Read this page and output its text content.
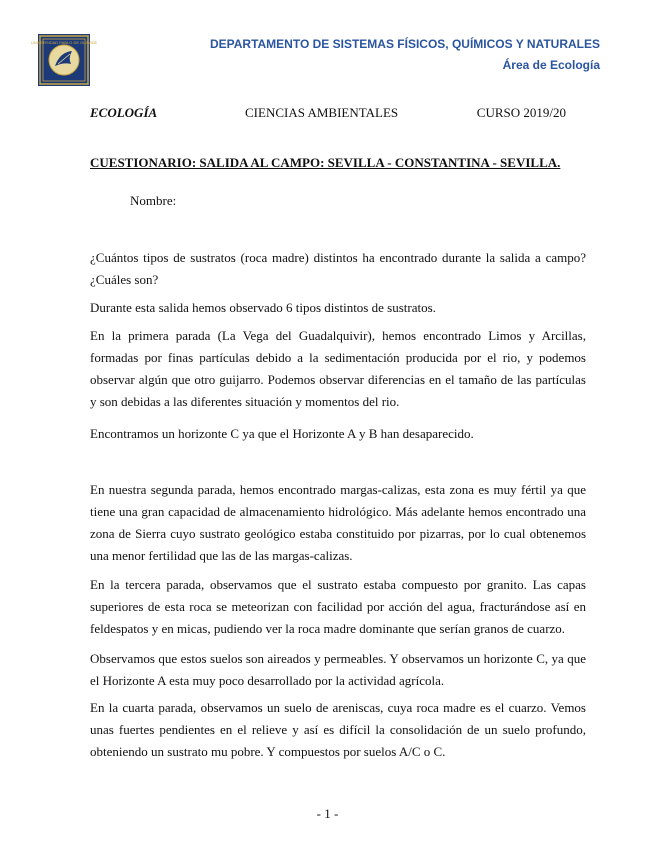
UNIVERSIDAD PABLO DE OLAVIDE	DEPARTAMENTO DE SISTEMAS FÍSICOS, QUÍMICOS Y NATURALES
Área de Ecología
ECOLOGÍA	CIENCIAS AMBIENTALES	CURSO 2019/20
CUESTIONARIO: SALIDA AL CAMPO: SEVILLA - CONSTANTINA - SEVILLA.
Nombre:

¿Cuántos tipos de sustratos (roca madre) distintos ha encontrado durante la salida a campo? ¿Cuáles son?

Durante esta salida hemos observado 6 tipos distintos de sustratos.

En la primera parada (La Vega del Guadalquivir), hemos encontrado Limos y Arcillas, formadas por finas partículas debido a la sedimentación producida por el rio, y podemos observar algún que otro guijarro. Podemos observar diferencias en el tamaño de las partículas y son debidas a las diferentes situación y momentos del rio.

Encontramos un horizonte C ya que el Horizonte A y B han desaparecido.

En nuestra segunda parada, hemos encontrado margas-calizas, esta zona es muy fértil ya que tiene una gran capacidad de almacenamiento hidrológico. Más adelante hemos encontrado una zona de Sierra cuyo sustrato geológico estaba constituido por pizarras, por lo cual obtenemos una menor fertilidad que las de las margas-calizas.

En la tercera parada, observamos que el sustrato estaba compuesto por granito. Las capas superiores de esta roca se meteorizan con facilidad por acción del agua, fracturándose así en feldespatos y en micas, pudiendo ver la roca madre dominante que serían granos de cuarzo.

Observamos que estos suelos son aireados y permeables. Y observamos un horizonte C, ya que el Horizonte A esta muy poco desarrollado por la actividad agrícola.

En la cuarta parada, observamos un suelo de areniscas, cuya roca madre es el cuarzo. Vemos unas fuertes pendientes en el relieve y así es difícil la consolidación de un suelo profundo, obteniendo un sustrato mu pobre. Y compuestos por suelos A/C o C.

- 1 -
